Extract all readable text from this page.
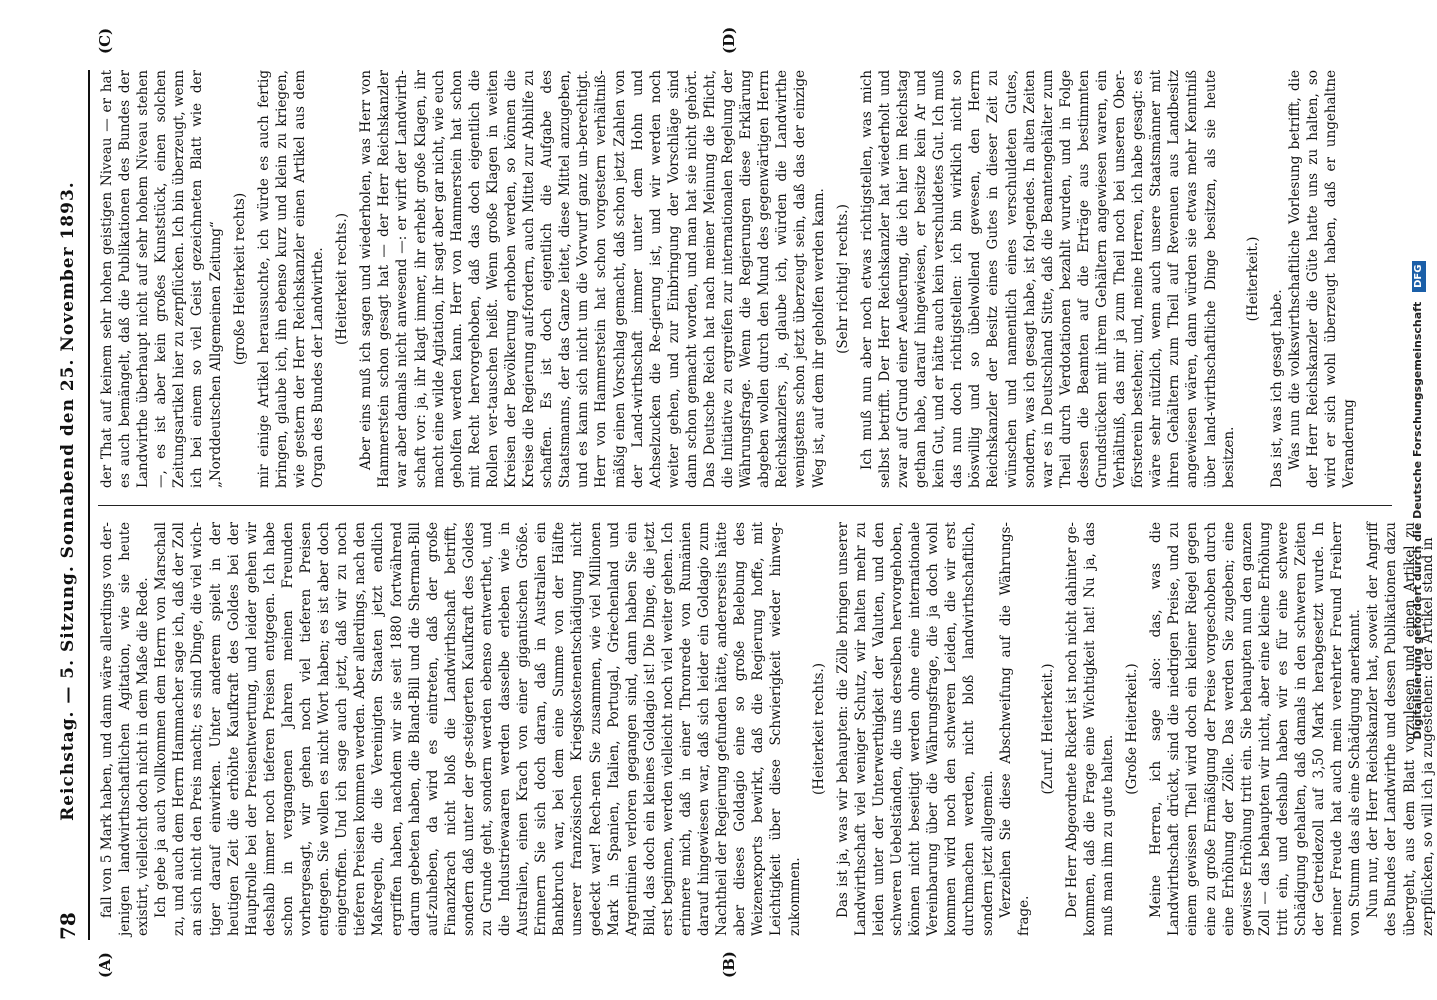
78
Reichstag. — 5. Sitzung. Sonnabend den 25. November 1893.
(A)	(B)
(C)	(D)

fall von 5 Mark haben, und dann wäre allerdings von der-jenigen landwirthschaftlichen Agitation, wie sie heute existirt, vielleicht doch nicht in dem Maße die Rede. Ich gebe ja auch vollkommen dem Herrn von Marschall zu, und auch dem Herrn Hammacher sage ich, daß der Zoll an sich nicht den Preis macht; es sind Dinge, die viel wich-tiger darauf einwirken. Unter anderem spielt in der heutigen Zeit die erhöhte Kaufkraft des Goldes bei der Hauptrolle bei der Preisentwertung, und leider gehen wir deshalb immer noch tieferen Preisen entgegen. Ich habe schon in vergangenen Jahren meinen Freunden vorhergesagt, wir gehen noch viel tieferen Preisen entgegen. Sie wollen es nicht Wort haben; es ist aber doch eingetroffen. Und ich sage auch jetzt, daß wir zu noch tieferen Preisen kommen werden. Aber allerdings, nach den Maßregeln, die die Vereinigten Staaten jetzt endlich ergriffen haben, nachdem wir sie seit 1880 fortwährend darum gebeten haben, die Bland-Bill und die Sherman-Bill auf-zuheben, da wird es eintreten, daß der große Finanzkrach nicht bloß die Landwirthschaft betrifft, sondern daß unter der ge-steigerten Kaufkraft des Goldes zu Grunde geht, sondern werden ebenso entwerthet, und die Industriewaaren werden dasselbe erleben wie in Australien, einen Krach von einer gigantischen Größe. Erinnern Sie sich doch daran, daß in Australien ein Bankbruch war, bei dem eine Summe von der Hälfte unserer französischen Kriegskostenentschädigung nicht gedeckt war! Rech-nen Sie zusammen, wie viel Millionen Mark in Spanien, Italien, Portugal, Griechenland und Argentinien verloren gegangen sind, dann haben Sie ein Bild, das doch ein kleines Goldagio ist! Die Dinge, die jetzt erst beginnen, werden vielleicht noch viel weiter gehen. Ich erinnere mich, daß in einer Thronrede von Rumänien darauf hingewiesen war, daß sich leider ein Goldagio zum Nachtheil der Regierung gefunden hätte, andererseits hätte aber dieses Goldagio eine so große Belebung des Weizenexports bewirkt, daß die Regierung hoffe, mit Leichtigkeit über diese Schwierigkeit wieder hinweg-zukommen.

(Heiterkeit rechts.) Das ist ja, was wir behaupten: die Zölle bringen unserer Landwirthschaft viel weniger Schutz, wir halten mehr zu leiden unter der Unterwerthigkeit der Valuten, und den schweren Uebelständen, die uns derselben hervorgehoben, können nicht beseitigt werden ohne eine internationale Vereinbarung über die Währungsfrage, die ja doch wohl kommen wird noch den schweren Leiden, die wir erst durchmachen werden, nicht bloß landwirthschaftlich, sondern jetzt allgemein. Verzeihen Sie diese Abschweifung auf die Währungs-frage.

(Zuruf. Heiterkeit.) Der Herr Abgeordnete Rickert ist noch nicht dahinter ge-kommen, daß die Frage eine Wichtigkeit hat! Nu ja, das muß man ihm zu gute halten.

(Große Heiterkeit.) Meine Herren, ich sage also: das, was die Landwirthschaft drückt, sind die niedrigen Preise, und zu einem gewissen Theil wird doch ein kleiner Riegel gegen eine zu große Ermäßigung der Preise vorgeschoben durch eine Erhöhung der Zölle. Das werden Sie zugeben; eine gewisse Erhöhung tritt ein. Sie behaupten nun den ganzen Zoll — das behaupten wir nicht, aber eine kleine Erhöhung tritt ein, und deshalb haben wir es für eine schwere Schädigung gehalten, daß damals in den schweren Zeiten der Getreidezoll auf 3,50 Mark herabgesetzt wurde. In meiner Freude hat auch mein verehrter Freund Freiherr von Stumm das als eine Schädigung anerkannt. Nun nur, der Herr Reichskanzler hat, soweit der Angriff des Bundes der Landwirthe und dessen Publikationen dazu übergeht, aus dem Blatt vorzulesen und einen Artikel zu zerpflücken, so will ich ja zugestehen: der Artikel stand in

der That auf keinem sehr hohen geistigen Niveau — er hat es auch bemängelt, daß die Publikationen des Bundes der Landwirthe überhaupt nicht auf sehr hohem Niveau stehen —, es ist aber kein großes Kunststück, einen solchen Zeitungsartikel hier zu zerpflücken. Ich bin überzeugt, wenn ich bei einem so viel Geist gezeichneten Blatt wie der „Norddeutschen Allgemeinen Zeitung“ (große Heiterkeit rechts) mir einige Artikel heraussuchte, ich würde es auch fertig bringen, glaube ich, ihn ebenso kurz und klein zu kriegen, wie gestern der Herr Reichskanzler einen Artikel aus dem Organ des Bundes der Landwirthe. (Heiterkeit rechts.) Aber eins muß ich sagen und wiederholen, was Herr von Hammerstein schon gesagt hat — der Herr Reichskanzler war aber damals nicht anwesend —: er wirft der Landwirth-schaft vor: ja, ihr klagt immer, ihr erhebt große Klagen, ihr macht eine wilde Agitation, ihr sagt aber gar nicht, wie euch geholfen werden kann. Herr von Hammerstein hat schon mit Recht hervorgehoben, daß das doch eigentlich die Rollen ver-tauschen heißt. Wenn große Klagen in weiten Kreisen der Bevölkerung erhoben werden, so können die Kreise die Regierung auf-fordern, auch Mittel zur Abhilfe zu schaffen. Es ist doch eigentlich die Aufgabe des Staatsmanns, der das Ganze leitet, diese Mittel anzugeben, und es kann sich nicht um die Vorwurf ganz un-berechtigt. Herr von Hammerstein hat schon vorgestern verhältniß-mäßig einen Vorschlag gemacht, daß schon jetzt Zahlen von der Land-wirthschaft immer unter dem Hohn und Achselzucken die Re-gierung ist, und wir werden noch weiter gehen, und zur Einbringung der Vorschläge sind dann schon gemacht worden, und man hat sie nicht gehört. Das Deutsche Reich hat nach meiner Meinung die Pflicht, die Initiative zu ergreifen zur internationalen Regelung der Währungsfrage. Wenn die Regierungen diese Erklärung abgeben wollen durch den Mund des gegenwärtigen Herrn Reichskanzlers, ja, glaube ich, würden die Landwirthe wenigstens schon jetzt überzeugt sein, daß das der einzige Weg ist, auf dem ihr geholfen werden kann. (Sehr richtig! rechts.) Ich muß nun aber noch etwas richtigstellen, was mich selbst betrifft. Der Herr Reichskanzler hat wiederholt und zwar auf Grund einer Aeußerung, die ich hier im Reichstag gethan habe, darauf hingewiesen, er besitze kein Ar und kein Gut, und er hätte auch kein verschuldetes Gut. Ich muß das nun doch richtigstellen: ich bin wirklich nicht so böswillig und so übelwollend gewesen, den Herrn Reichskanzler der Besitz eines Gutes in dieser Zeit zu wünschen und namentlich eines verschuldeten Gutes, sondern, was ich gesagt habe, ist fol-gendes. In alten Zeiten war es in Deutschland Sitte, daß die Beamtengehälter zum Theil durch Verdotationen bezahlt wurden, und in Folge dessen die Beamten auf die Erträge aus bestimmten Grundstücken mit ihrem Gehältern angewiesen waren, ein Verhältniß, das mir ja zum Theil noch bei unseren Ober-försterein bestehen; und, meine Herren, ich habe gesagt: es wäre sehr nützlich, wenn auch unsere Staatsmänner mit ihren Gehältern zum Theil auf Revenuen aus Landbesitz angewiesen wären, dann würden sie etwas mehr Kenntniß über land-wirthschaftliche Dinge besitzen, als sie heute besitzen.

(Heiterkeit.)

Das ist, was ich gesagt habe. Was nun die volkswirthschaftliche Vorlesung betrifft, die der Herr Reichskanzler die Güte hatte uns zu halten, so wird er sich wohl überzeugt haben, daß er ungehaltne Veranderung	Digitalisierung gefördert durch die Deutsche Forschungsgemeinschaft DFG
